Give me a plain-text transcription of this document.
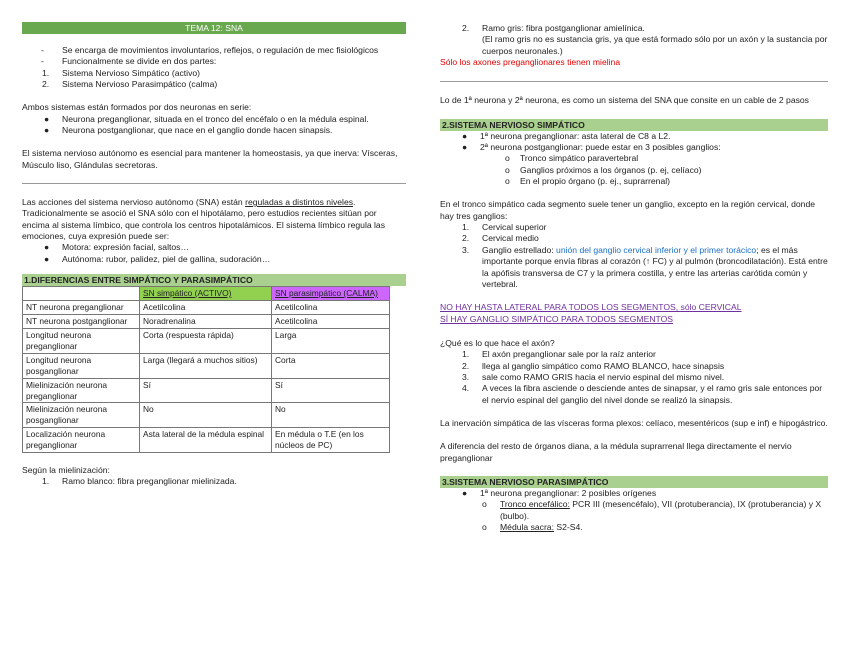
TEMA 12: SNA
-	Se encarga de movimientos involuntarios, reflejos, o regulación de mec fisiológicos
-	Funcionalmente se divide en dos partes:
1.	Sistema Nervioso Simpático (activo)
2.	Sistema Nervioso Parasimpático (calma)

Ambos sistemas están formados por dos neuronas en serie:

●	Neurona preganglionar, situada en el tronco del encéfalo o en la médula espinal.
●	Neurona postganglionar, que nace en el ganglio donde hacen sinapsis.

El sistema nervioso autónomo es esencial para mantener la homeostasis, ya que inerva: Vísceras, Músculo liso, Glándulas secretoras.

Las acciones del sistema nervioso autónomo (SNA) están reguladas a distintos niveles. Tradicionalmente se asoció el SNA sólo con el hipotálamo, pero estudios recientes sitúan por encima al sistema límbico, que controla los centros hipotalámicos. El sistema límbico regula las emociones, cuya expresión puede ser:

●	Motora: expresión facial, saltos…
●	Autónoma: rubor, palidez, piel de gallina, sudoración…
1.DIFERENCIAS ENTRE SIMPÁTICO Y PARASIMPÁTICO
	SN simpático (ACTIVO)	SN parasimpático (CALMA)
NT neurona preganglionar	Acetilcolina	Acetilcolina
NT neurona postganglionar	Noradrenalina	Acetilcolina
Longitud neurona preganglionar	Corta (respuesta rápida)	Larga
Longitud neurona posganglionar	Larga (llegará a muchos sitios)	Corta
Mielinización neurona preganglionar	Sí	Sí
Mielinización neurona posganglionar	No	No
Localización neurona preganglionar	Asta lateral de la médula espinal	En médula o T.E (en los núcleos de PC)

Según la mielinización:

1.	Ramo blanco: fibra preganglionar mielinizada.
2.	Ramo gris: fibra postganglionar amielínica.
(El ramo gris no es sustancia gris, ya que está formado sólo por un axón y la sustancia por cuerpos neuronales.)

Sólo los axones preganglionares tienen mielina

Lo de 1ª neurona y 2ª neurona, es como un sistema del SNA que consite en un cable de 2 pasos

2.SISTEMA NERVIOSO SIMPÁTICO
●	1ª neurona preganglionar: asta lateral de C8 a L2.
●	2ª neurona postganglionar: puede estar en 3 posibles ganglios:
o	Tronco simpático paravertebral
o	Ganglios próximos a los órganos (p. ej, celíaco)
o	En el propio órgano (p. ej., suprarrenal)

En el tronco simpático cada segmento suele tener un ganglio, excepto en la región cervical, donde hay tres ganglios:

1.	Cervical superior
2.	Cervical medio
3.	Ganglio estrellado: unión del ganglio cervical inferior y el primer torácico; es el más importante porque envía fibras al corazón (↑ FC) y al pulmón (broncodilatación). Está entre la apófisis transversa de C7 y la primera costilla, y entre las arterias carótida común y vertebral.

NO HAY HASTA LATERAL PARA TODOS LOS SEGMENTOS, sólo CERVICAL

SÍ HAY GANGLIO SIMPÁTICO PARA TODOS SEGMENTOS

¿Qué es lo que hace el axón?

1.	El axón preganglionar sale por la raíz anterior
2.	llega al ganglio simpático como RAMO BLANCO, hace sinapsis
3.	sale como RAMO GRIS hacia el nervio espinal del mismo nivel.
4.	A veces la fibra asciende o desciende antes de sinapsar, y el ramo gris sale entonces por el nervio espinal del ganglio del nivel donde se realizó la sinapsis.

La inervación simpática de las vísceras forma plexos: celíaco, mesentéricos (sup e inf) e hipogástrico.

A diferencia del resto de órganos diana, a la médula suprarrenal llega directamente el nervio preganglionar

3.SISTEMA NERVIOSO PARASIMPÁTICO
●	1ª neurona preganglionar: 2 posibles orígenes
o	Tronco encefálico: PCR III (mesencéfalo), VII (protuberancia), IX (protuberancia) y X (bulbo).
o	Médula sacra: S2-S4.
